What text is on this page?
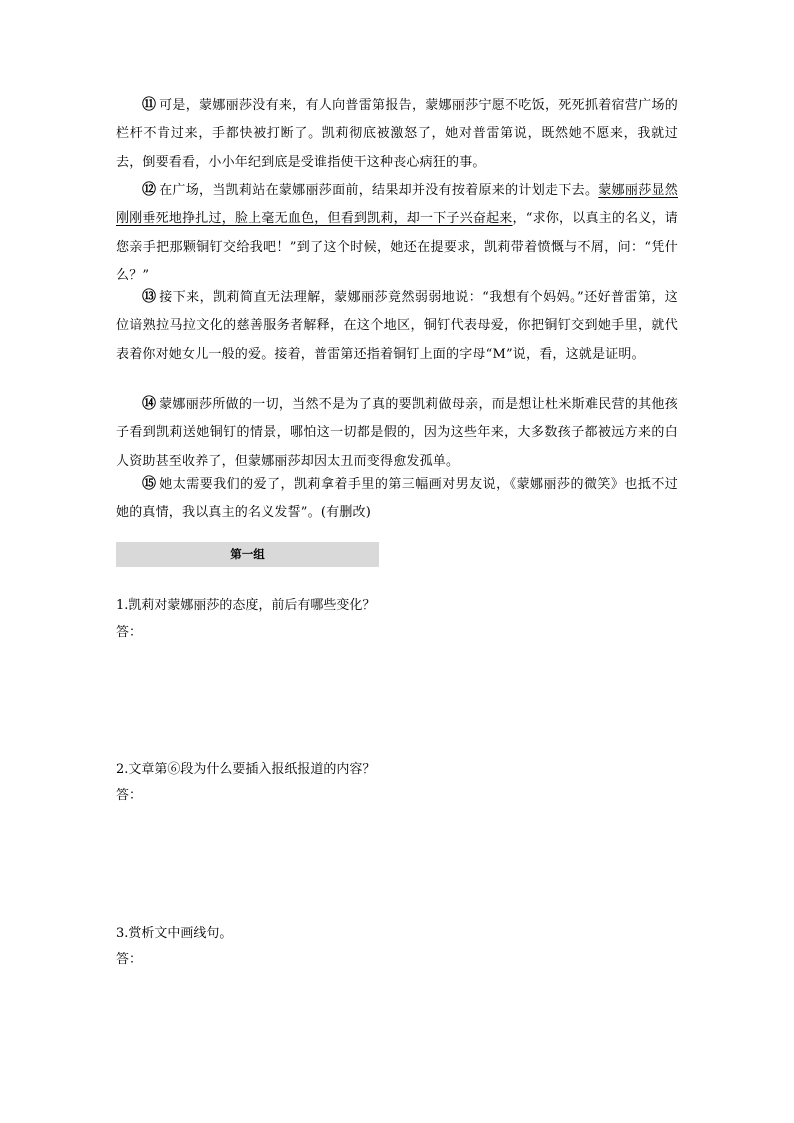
⑪ 可是，蒙娜丽莎没有来，有人向普雷第报告，蒙娜丽莎宁愿不吃饭，死死抓着宿营广场的栏杆不肯过来，手都快被打断了。凯莉彻底被激怒了，她对普雷第说，既然她不愿来，我就过去，倒要看看，小小年纪到底是受谁指使干这种丧心病狂的事。

⑫ 在广场，当凯莉站在蒙娜丽莎面前，结果却并没有按着原来的计划走下去。蒙娜丽莎显然刚刚垂死地挣扎过，脸上毫无血色，但看到凯莉，却一下子兴奋起来，“求你，以真主的名义，请您亲手把那颗铜钉交给我吧！”到了这个时候，她还在提要求，凯莉带着愤慨与不屑，问：“凭什么？”

⑬ 接下来，凯莉简直无法理解，蒙娜丽莎竟然弱弱地说：“我想有个妈妈。”还好普雷第，这位谙熟拉马拉文化的慈善服务者解释，在这个地区，铜钉代表母爱，你把铜钉交到她手里，就代表着你对她女儿一般的爱。接着，普雷第还指着铜钉上面的字母“M”说，看，这就是证明。

⑭ 蒙娜丽莎所做的一切，当然不是为了真的要凯莉做母亲，而是想让杜米斯难民营的其他孩子看到凯莉送她铜钉的情景，哪怕这一切都是假的，因为这些年来，大多数孩子都被远方来的白人资助甚至收养了，但蒙娜丽莎却因太丑而变得愈发孤单。

⑮ 她太需要我们的爱了，凯莉拿着手里的第三幅画对男友说，《蒙娜丽莎的微笑》也抵不过她的真情，我以真主的名义发誓”。(有删改)

第一组
1.凯莉对蒙娜丽莎的态度，前后有哪些变化？
答：
2.文章第⑥段为什么要插入报纸报道的内容？
答：
3.赏析文中画线句。
答：
